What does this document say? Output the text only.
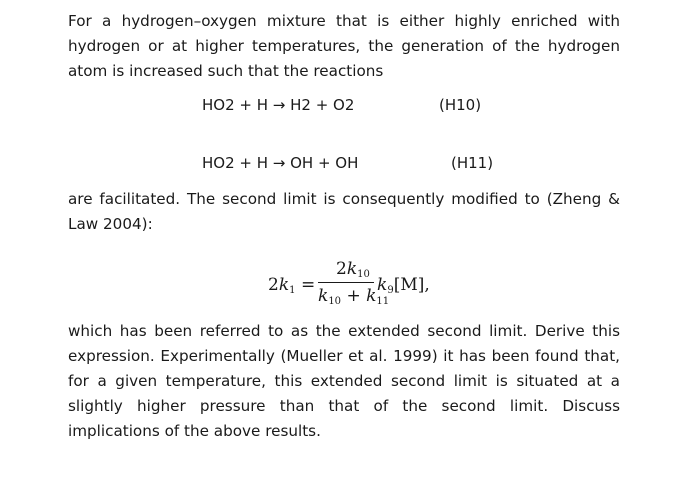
For a hydrogen–oxygen mixture that is either highly enriched with
hydrogen or at higher temperatures, the generation of the hydrogen
atom is increased such that the reactions
HO2 + H → H2 + O2	(H10)
HO2 + H → OH + OH	(H11)
are facilitated. The second limit is consequently modified to (Zheng &
Law 2004):
$2k_1$ =
$2k_{10}$
$k_{10} + k_{11}$
$k_9[M]$,
which has been referred to as the extended second limit. Derive this
expression. Experimentally (Mueller et al. 1999) it has been found that,
for a given temperature, this extended second limit is situated at a
slightly higher pressure than that of the second limit. Discuss
implications of the above results.
